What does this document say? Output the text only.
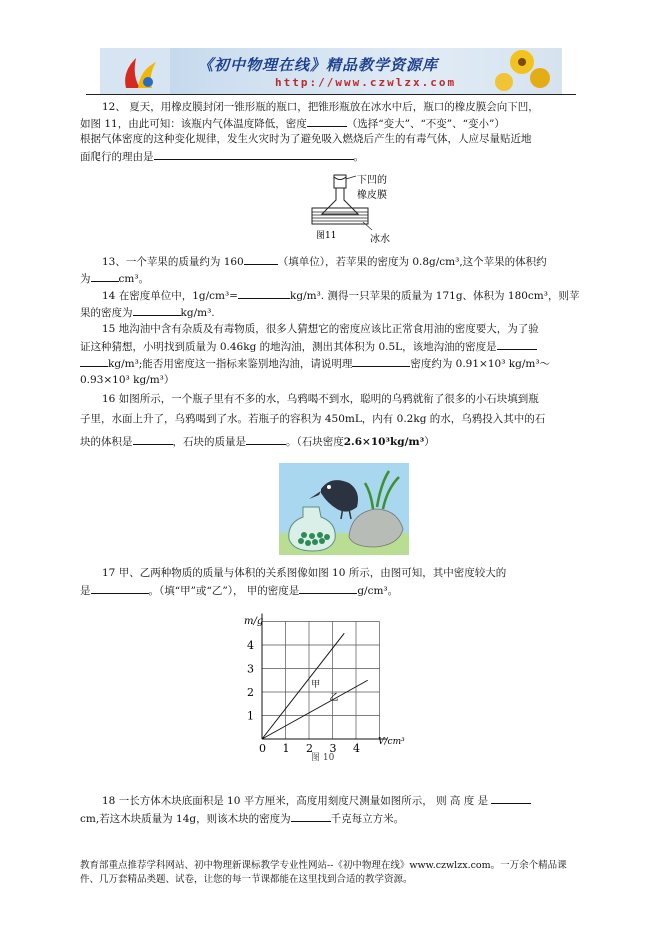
《初中物理在线》精品教学资源库
http://www.czwlzx.com
12、 夏天，用橡皮膜封闭一锥形瓶的瓶口，把锥形瓶放在冰水中后，瓶口的橡皮膜会向下凹，
如图 11，由此可知：该瓶内气体温度降低，密度	（选择“变大”、“不变”、“变小”）
根据气体密度的这种变化规律，发生火灾时为了避免吸入燃烧后产生的有毒气体，人应尽量贴近地
面爬行的理由是	。
下凹的
橡皮膜
图11	冰水
13、一个苹果的质量约为 160	（填单位），若苹果的密度为 0.8g/cm³,这个苹果的体积约
为	cm³。
14 在密度单位中，1g/cm³=	kg/m³. 测得一只苹果的质量为 171g、体积为 180cm³，则苹
果的密度为	kg/m³.
15 地沟油中含有杂质及有毒物质，很多人猜想它的密度应该比正常食用油的密度要大，为了验
证这种猜想，小明找到质量为 0.46kg 的地沟油，测出其体积为 0.5L，该地沟油的密度是
kg/m³;能否用密度这一指标来鉴别地沟油，请说明理	密度约为 0.91×10³ kg/m³～
0.93×10³ kg/m³）
16 如图所示，一个瓶子里有不多的水，乌鸦喝不到水，聪明的乌鸦就衔了很多的小石块填到瓶
子里，水面上升了，乌鸦喝到了水。若瓶子的容积为 450mL，内有 0.2kg 的水，乌鸦投入其中的石
块的体积是	，石块的质量是	。（石块密度2.6×10³kg/m³）
17 甲、乙两种物质的质量与体积的关系图像如图 10 所示，由图可知，其中密度较大的
是	。（填“甲”或“乙”）， 甲的密度是	g/cm³。
甲
乙
0 1 2 3 4
1
2
3
4
m/g
V/cm³
图 10
18 一长方体木块底面积是 10 平方厘米，高度用刻度尺测量如图所示， 则 高 度 是
cm,若这木块质量为 14g，则该木块的密度为	千克每立方米。
教育部重点推荐学科网站、初中物理新课标教学专业性网站--《初中物理在线》www.czwlzx.com。一万余个精品课
件、几万套精品类题、试卷，让您的每一节课都能在这里找到合适的教学资源。
